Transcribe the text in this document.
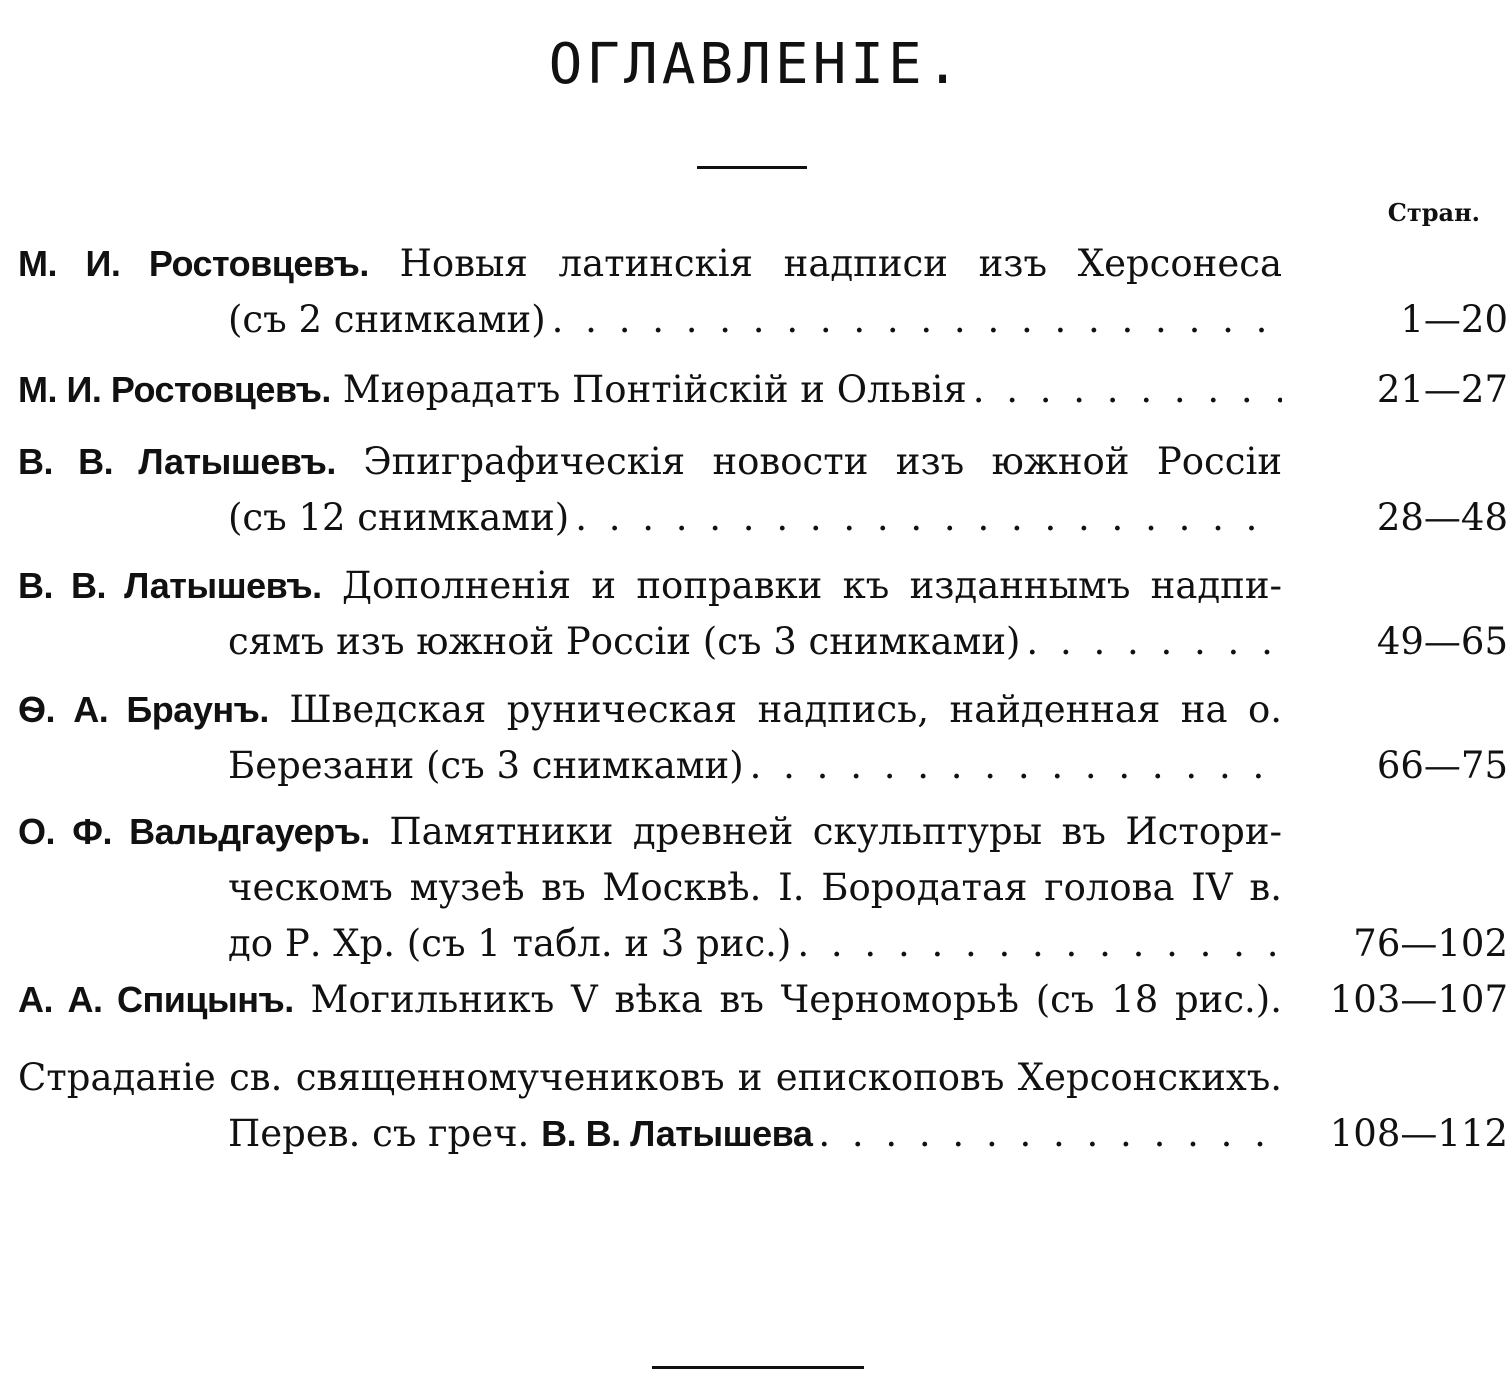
ОГЛАВЛЕНІЕ.
Стран.
М. И. Ростовцевъ. Новыя латинскія надписи изъ Херсонеса
(съ 2 снимками) . . .	1—20
М. И. Ростовцевъ. Миѳрадатъ Понтійскій и Ольвія . . .	21—27
В. В. Латышевъ. Эпиграфическія новости изъ южной Россіи
(съ 12 снимками) . . .	28—48
В. В. Латышевъ. Дополненія и поправки къ изданнымъ надпи-
сямъ изъ южной Россіи (съ 3 снимками) . . .	49—65
Ѳ. А. Браунъ. Шведская руническая надпись, найденная на о.
Березани (съ 3 снимками) . . .	66—75
О. Ф. Вальдгауеръ. Памятники древней скульптуры въ Истори-
ческомъ музеѣ въ Москвѣ. I. Бородатая голова IV в.
до Р. Хр. (съ 1 табл. и 3 рис.) . . .	76—102
А. А. Спицынъ. Могильникъ V вѣка въ Черноморьѣ (съ 18 рис.).	103—107
Страданіе св. священномучениковъ и епископовъ Херсонскихъ.
Перев. съ греч. В. В. Латышева . . .	108—112
